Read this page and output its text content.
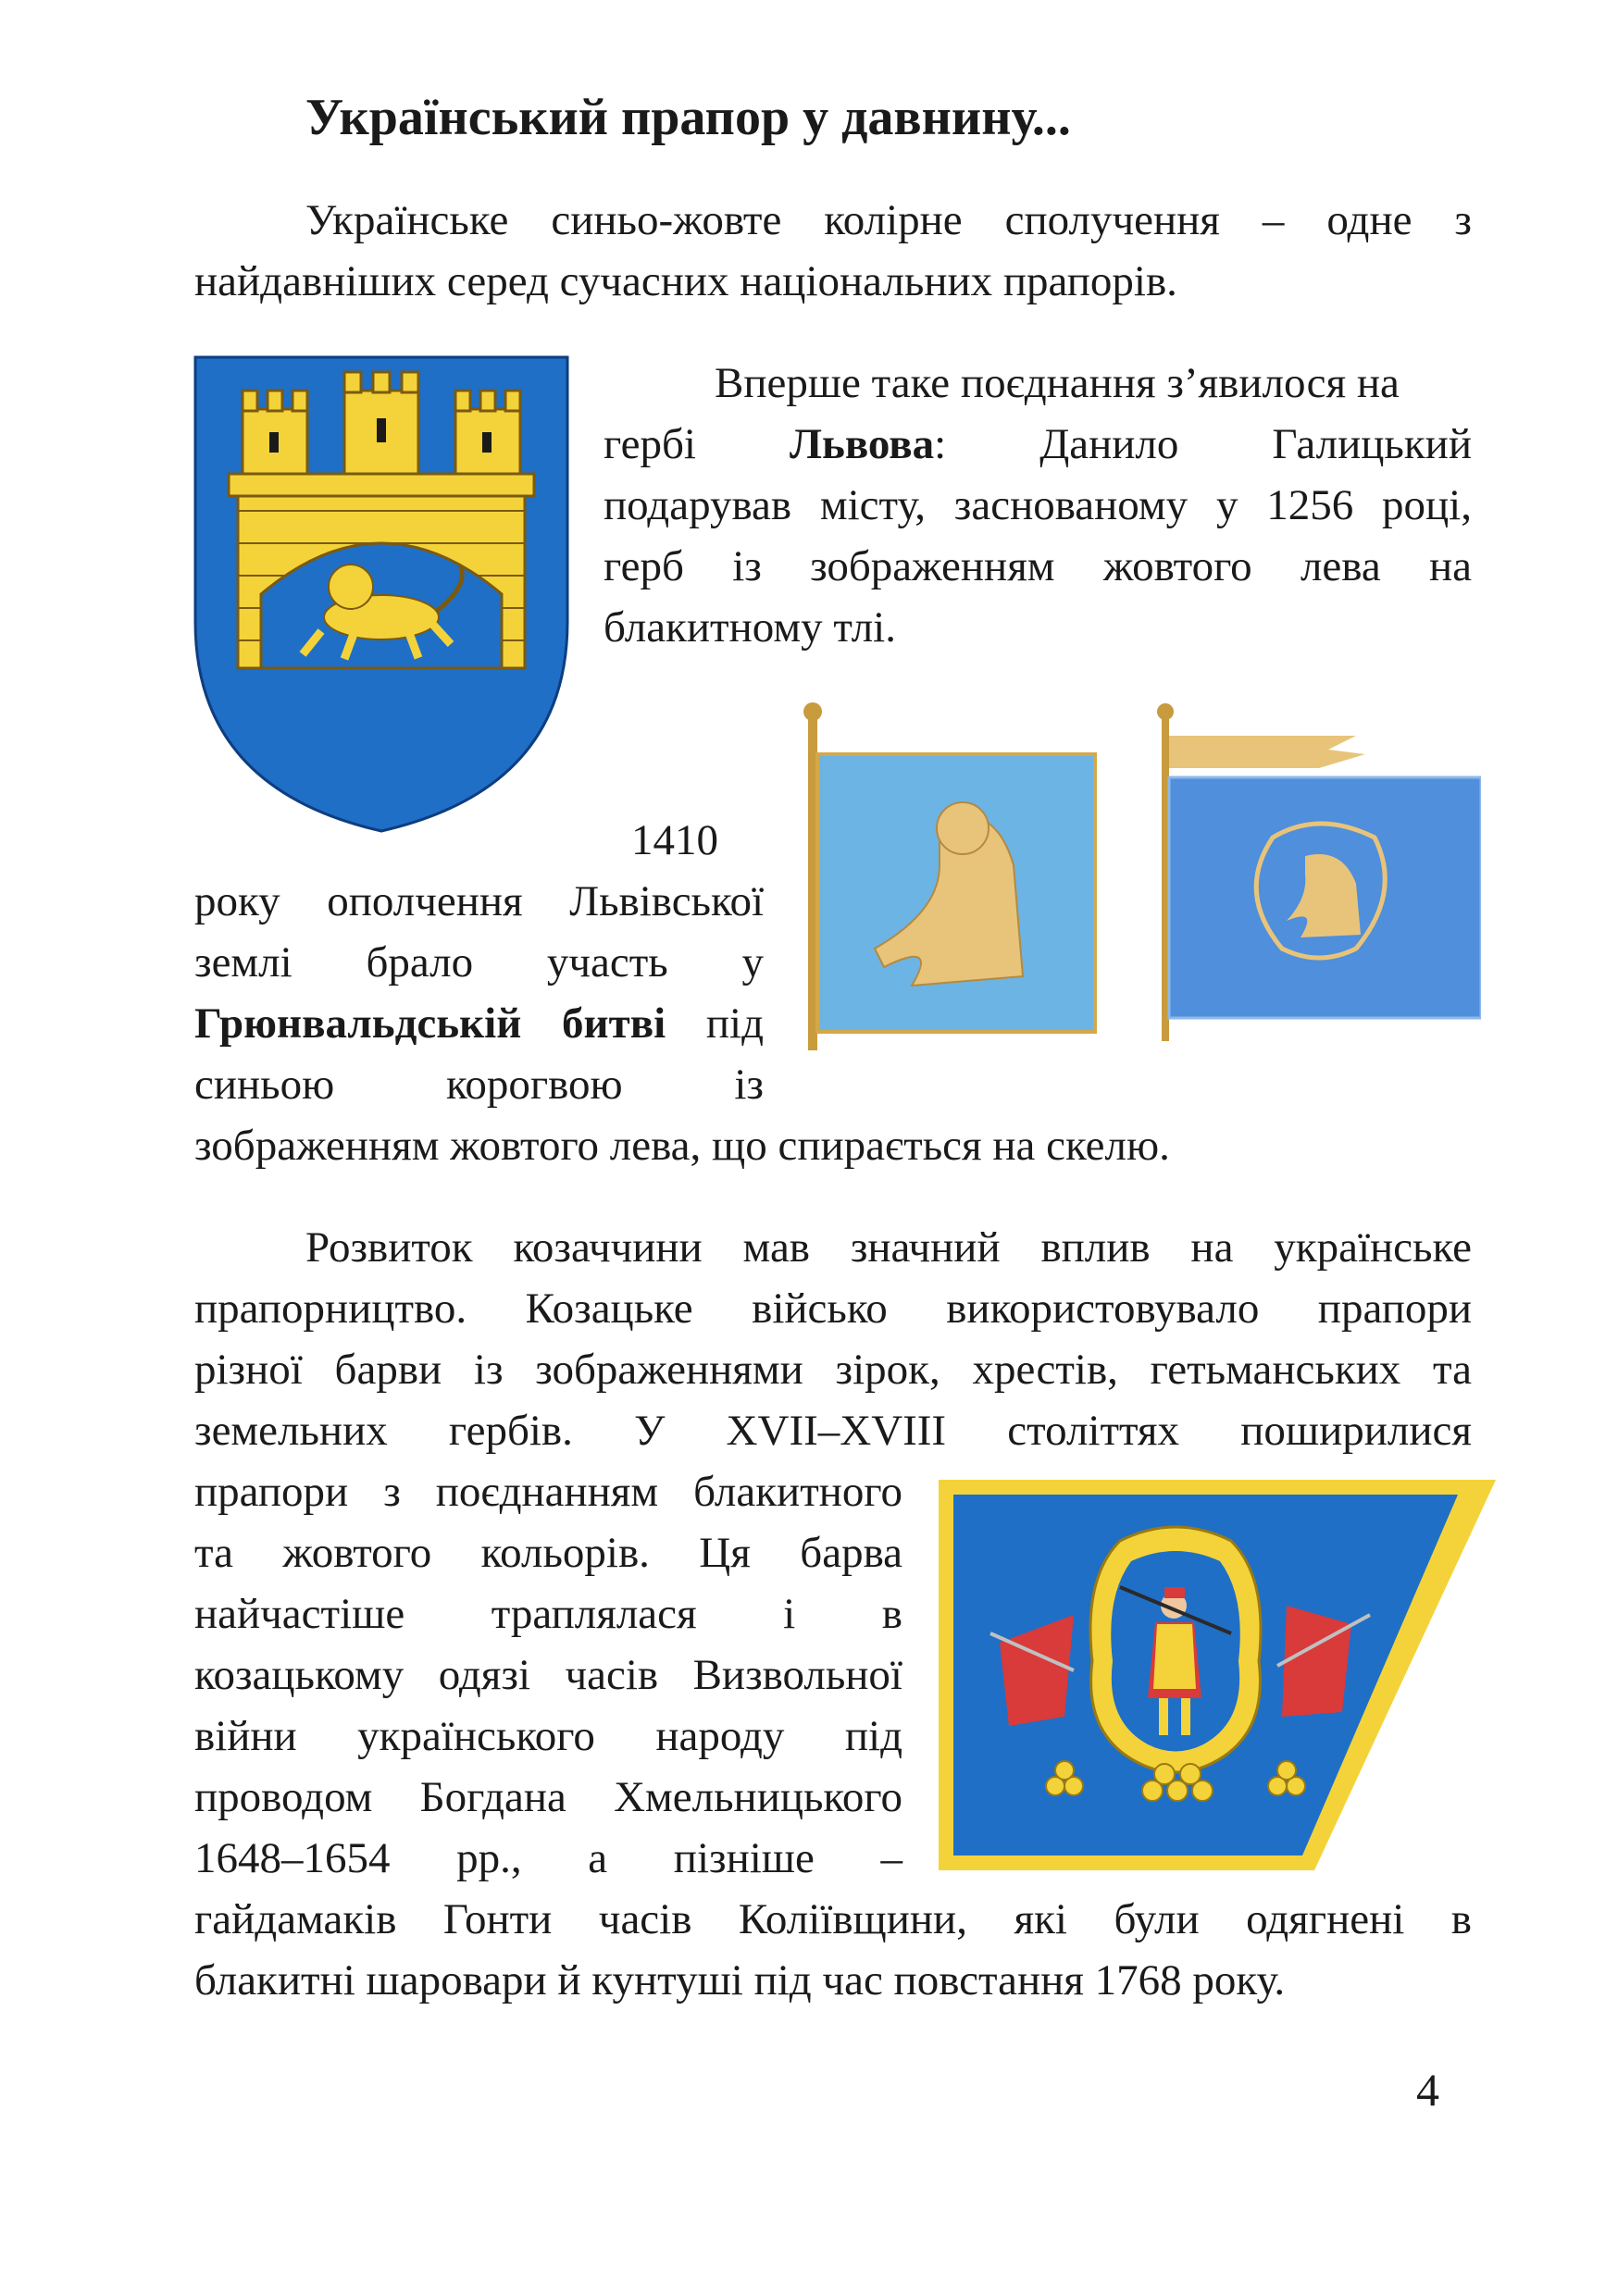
Український прапор у давнину...

Українське синьо-жовте колірне сполучення – одне з

найдавніших серед сучасних національних прапорів.

Вперше таке поєднання з’явилося на

гербі Львова: Данило Галицький

подарував місту, заснованому у 1256 році,

герб із зображенням жовтого лева на

блакитному тлі.

1410

року ополчення Львівської

землі брало участь у

Грюнвальдській битві під

синьою корогвою із

зображенням жовтого лева, що спирається на скелю.

Розвиток козаччини мав значний вплив на українське

прапорництво. Козацьке військо використовувало прапори

різної барви із зображеннями зірок, хрестів, гетьманських та

земельних гербів. У XVII–XVIII століттях поширилися

прапори з поєднанням блакитного

та жовтого кольорів. Ця барва

найчастіше траплялася і в

козацькому одязі часів Визвольної

війни українського народу під

проводом Богдана Хмельницького

1648–1654 рр., а пізніше –

гайдамаків Гонти часів Коліївщини, які були одягнені в

блакитні шаровари й кунтуші під час повстання 1768 року.

4
